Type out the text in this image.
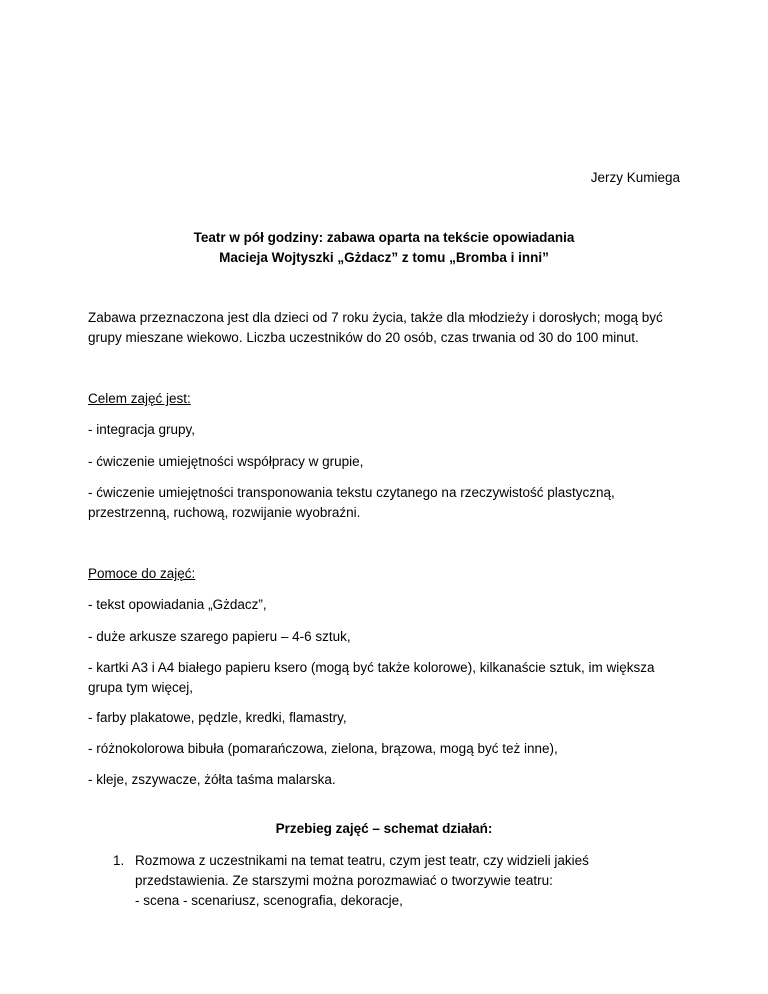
Jerzy Kumiega

Teatr w pół godziny: zabawa oparta na tekście opowiadania
Macieja Wojtyszki „Gżdacz” z tomu „Bromba i inni”

Zabawa przeznaczona jest dla dzieci od 7 roku życia, także dla młodzieży i dorosłych; mogą być grupy mieszane wiekowo. Liczba uczestników do 20 osób, czas trwania od 30 do 100 minut.

Celem zajęć jest:

- integracja grupy,

- ćwiczenie umiejętności współpracy w grupie,

- ćwiczenie umiejętności transponowania tekstu czytanego na rzeczywistość plastyczną, przestrzenną, ruchową, rozwijanie wyobraźni.

Pomoce do zajęć:

- tekst opowiadania „Gżdacz”,

- duże arkusze szarego papieru – 4-6 sztuk,

- kartki A3 i A4 białego papieru ksero (mogą być także kolorowe), kilkanaście sztuk, im większa grupa tym więcej,

- farby plakatowe, pędzle, kredki, flamastry,

- różnokolorowa bibuła (pomarańczowa, zielona, brązowa, mogą być też inne),

- kleje, zszywacze, żółta taśma malarska.

Przebieg zajęć – schemat działań:

1. Rozmowa z uczestnikami na temat teatru, czym jest teatr, czy widzieli jakieś przedstawienia. Ze starszymi można porozmawiać o tworzywie teatru:
- scena - scenariusz, scenografia, dekoracje,
